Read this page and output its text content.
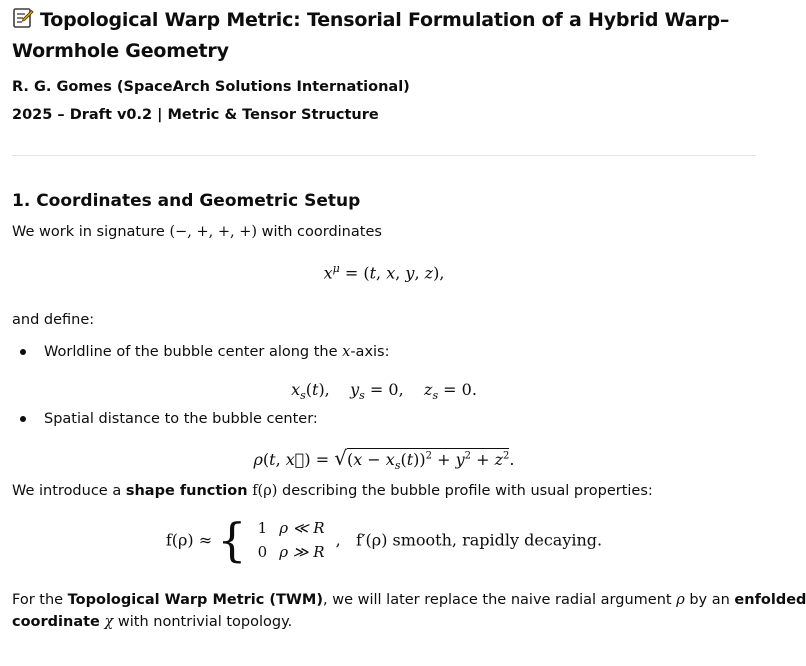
Topological Warp Metric: Tensorial Formulation of a Hybrid Warp–Wormhole Geometry
R. G. Gomes (SpaceArch Solutions International)
2025 – Draft v0.2 | Metric & Tensor Structure
1. Coordinates and Geometric Setup
We work in signature (−, +, +, +) with coordinates
$x^\mu = (t$, x, y, z),
and define:
Worldline of the bubble center along the x-axis:
$x_s(t)$,    $y_s = 0$,    $z_s = 0$.
Spatial distance to the bubble center:
ρ(t, x⃗) = $√(x - x_s(t))^2 + y^2 + z^2$.
We introduce a shape function f(ρ) describing the bubble profile with usual properties:
f(ρ) ≈ { 1	ρ ≪ R
0	ρ ≫ R ,   f′(ρ) smooth, rapidly decaying.
For the Topological Warp Metric (TWM), we will later replace the naive radial argument ρ by an enfolded
coordinate χ with nontrivial topology.
